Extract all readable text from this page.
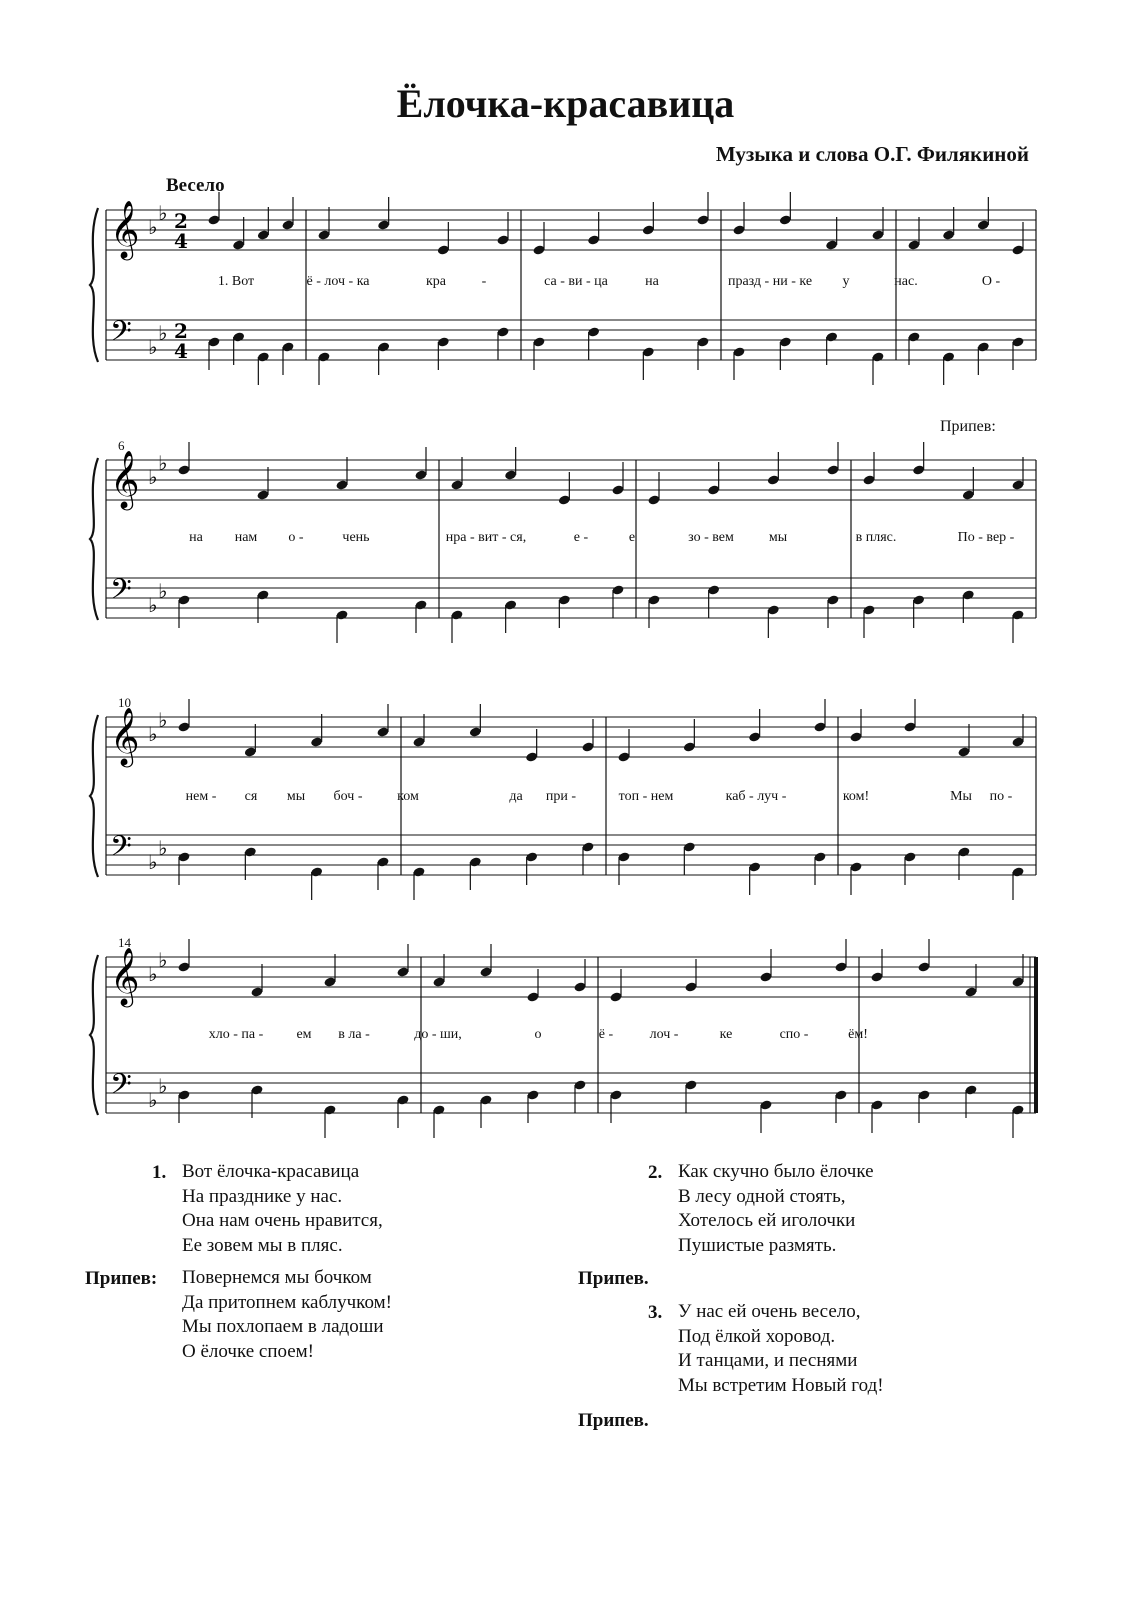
Ёлочка-красавица
Музыка и слова О.Г. Филякиной
Весело
𝄞 ♭
♭ 2
4
𝄢 ♭
♭ 2
4
1. Вот	ё - лоч - ка	кра	-	са - ви - ца	на	празд - ни - ке у	нас.	О -
Припев:
6
𝄞 ♭
♭
𝄢 ♭
♭
на нам о -	чень	нра - вит - ся,	е -	е	зо - вем	мы	в пляс.	По - вер -
10
𝄞 ♭
♭
𝄢 ♭
♭
нем - ся мы боч - ком	да при -	топ - нем	каб - луч -	ком!	Мы по -
14
𝄞 ♭
♭
𝄢 ♭
♭
хло - па - ем в ла -	до - ши,	о	ё -	лоч -	ке	спо -	ём!
1. Вот ёлочка-красавица
На празднике у нас.
Она нам очень нравится,
Ее зовем мы в пляс.
Припев: Повернемся мы бочком
Да притопнем каблучком!
Мы похлопаем в ладоши
О ёлочке споем!
2. Как скучно было ёлочке
В лесу одной стоять,
Хотелось ей иголочки
Пушистые размять.
Припев.
3. У нас ей очень весело,
Под ёлкой хоровод.
И танцами, и песнями
Мы встретим Новый год!
Припев.
